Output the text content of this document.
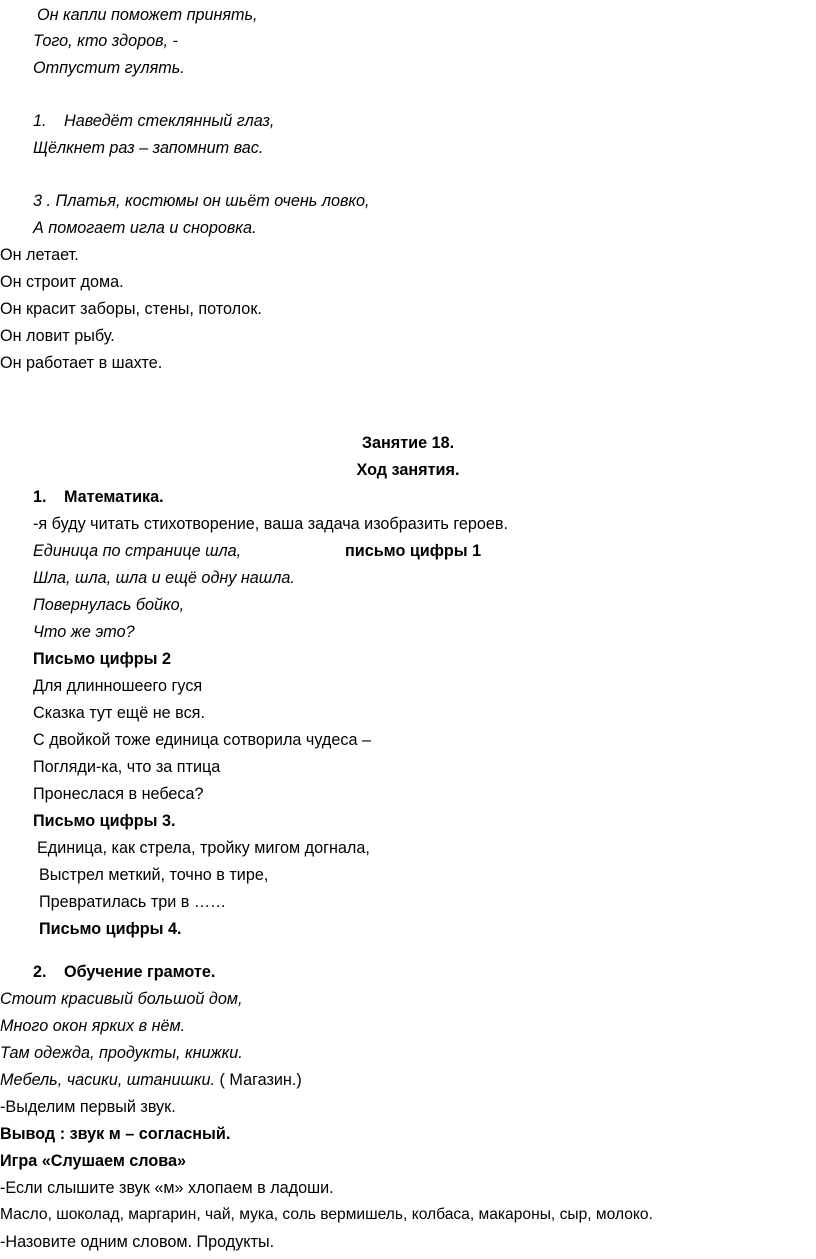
Он капли поможет принять,
Того, кто здоров, -
Отпустит гулять.
1. Наведёт стеклянный глаз,
Щёлкнет раз – запомнит вас.
3 . Платья, костюмы он шьёт очень ловко,
А помогает игла и сноровка.
Он летает.
Он строит дома.
Он красит заборы, стены, потолок.
Он ловит рыбу.
Он работает в шахте.
Занятие 18.
Ход занятия.
1. Математика.
-я буду читать стихотворение, ваша задача изобразить героев.
Единица по странице шла,	письмо цифры 1
Шла, шла, шла и ещё одну нашла.
Повернулась бойко,
Что же это?
Письмо цифры 2
Для длинношеего гуся
Сказка тут ещё не вся.
С двойкой тоже единица сотворила чудеса –
Погляди-ка, что за птица
Пронеслася в небеса?
Письмо цифры 3.
Единица, как стрела, тройку мигом догнала,
Выстрел меткий, точно в тире,
Превратилась три в ……
Письмо цифры 4.
2. Обучение грамоте.
Стоит красивый большой дом,
Много окон ярких в нём.
Там одежда, продукты, книжки.
Мебель, часики, штанишки. ( Магазин.)
-Выделим первый звук.
Вывод : звук м – согласный.
Игра «Слушаем слова»
-Если слышите звук «м» хлопаем в ладоши.
Масло, шоколад, маргарин, чай, мука, соль вермишель, колбаса, макароны, сыр, молоко.
-Назовите одним словом. Продукты.
